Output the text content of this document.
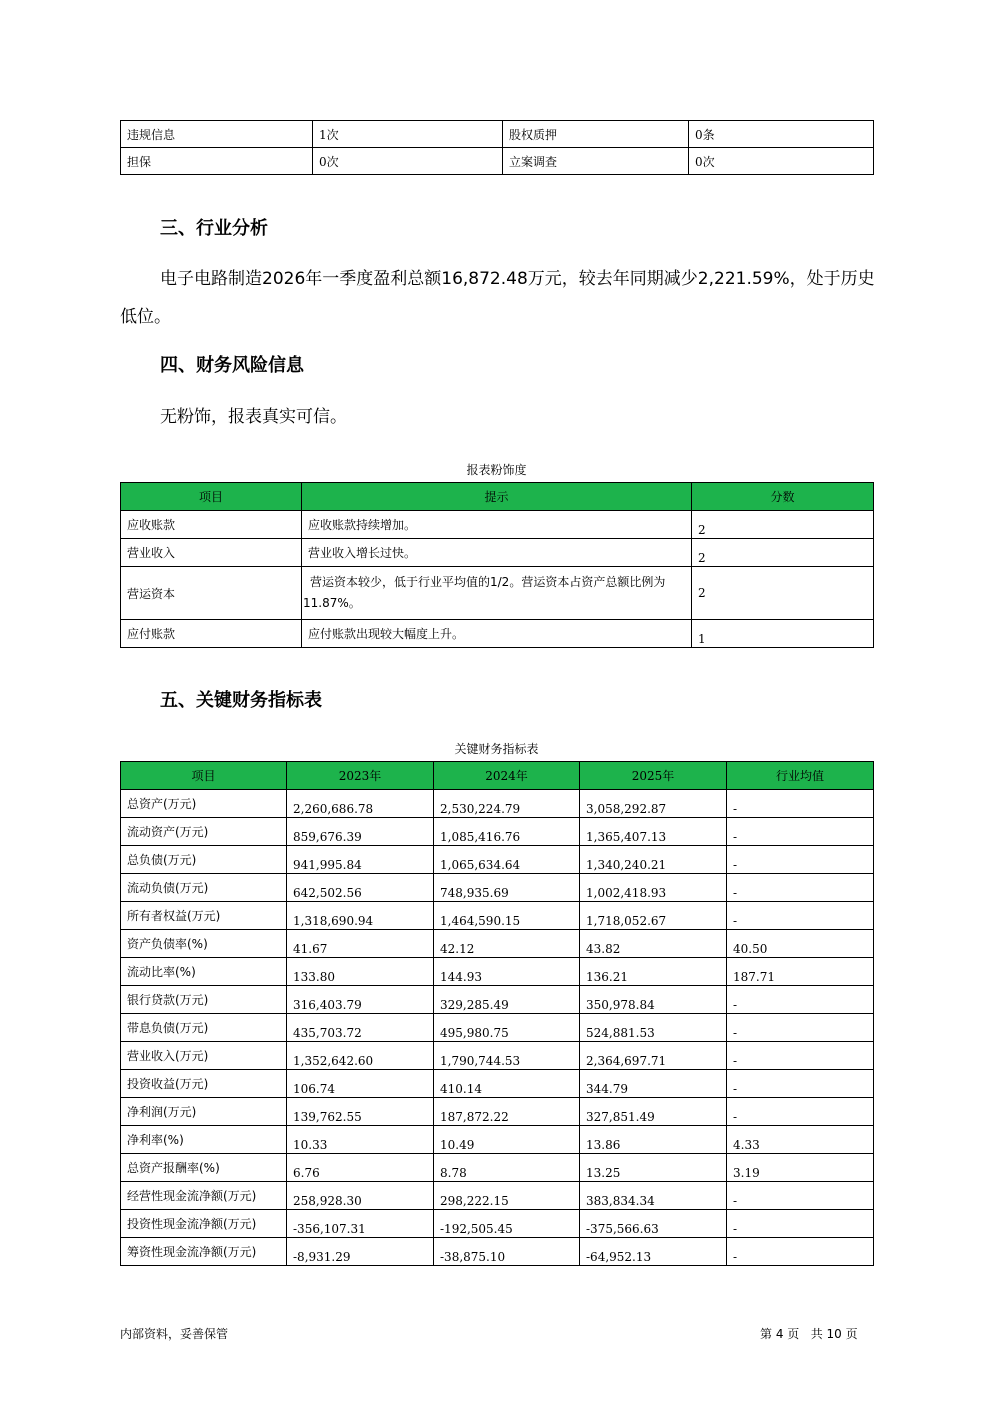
违规信息	1次	股权质押	0条
担保	0次	立案调查	0次
三、行业分析
电子电路制造2026年一季度盈利总额16,872.48万元，较去年同期减少2,221.59%，处于历史
低位。
四、财务风险信息
无粉饰，报表真实可信。
报表粉饰度
项目	提示	分数
应收账款	应收账款持续增加。	2
营业收入	营业收入增长过快。	2
营运资本	营运资本较少，低于行业平均值的1/2。营运资本占资产总额比例为11.87%。	2
应付账款	应付账款出现较大幅度上升。	1
五、关键财务指标表
关键财务指标表
项目	2023年	2024年	2025年	行业均值
总资产(万元)	2,260,686.78	2,530,224.79	3,058,292.87	-
流动资产(万元)	859,676.39	1,085,416.76	1,365,407.13	-
总负债(万元)	941,995.84	1,065,634.64	1,340,240.21	-
流动负债(万元)	642,502.56	748,935.69	1,002,418.93	-
所有者权益(万元)	1,318,690.94	1,464,590.15	1,718,052.67	-
资产负债率(%)	41.67	42.12	43.82	40.50
流动比率(%)	133.80	144.93	136.21	187.71
银行贷款(万元)	316,403.79	329,285.49	350,978.84	-
带息负债(万元)	435,703.72	495,980.75	524,881.53	-
营业收入(万元)	1,352,642.60	1,790,744.53	2,364,697.71	-
投资收益(万元)	106.74	410.14	344.79	-
净利润(万元)	139,762.55	187,872.22	327,851.49	-
净利率(%)	10.33	10.49	13.86	4.33
总资产报酬率(%)	6.76	8.78	13.25	3.19
经营性现金流净额(万元)	258,928.30	298,222.15	383,834.34	-
投资性现金流净额(万元)	-356,107.31	-192,505.45	-375,566.63	-
筹资性现金流净额(万元)	-8,931.29	-38,875.10	-64,952.13	-
内部资料，妥善保管	第 4 页   共 10 页
